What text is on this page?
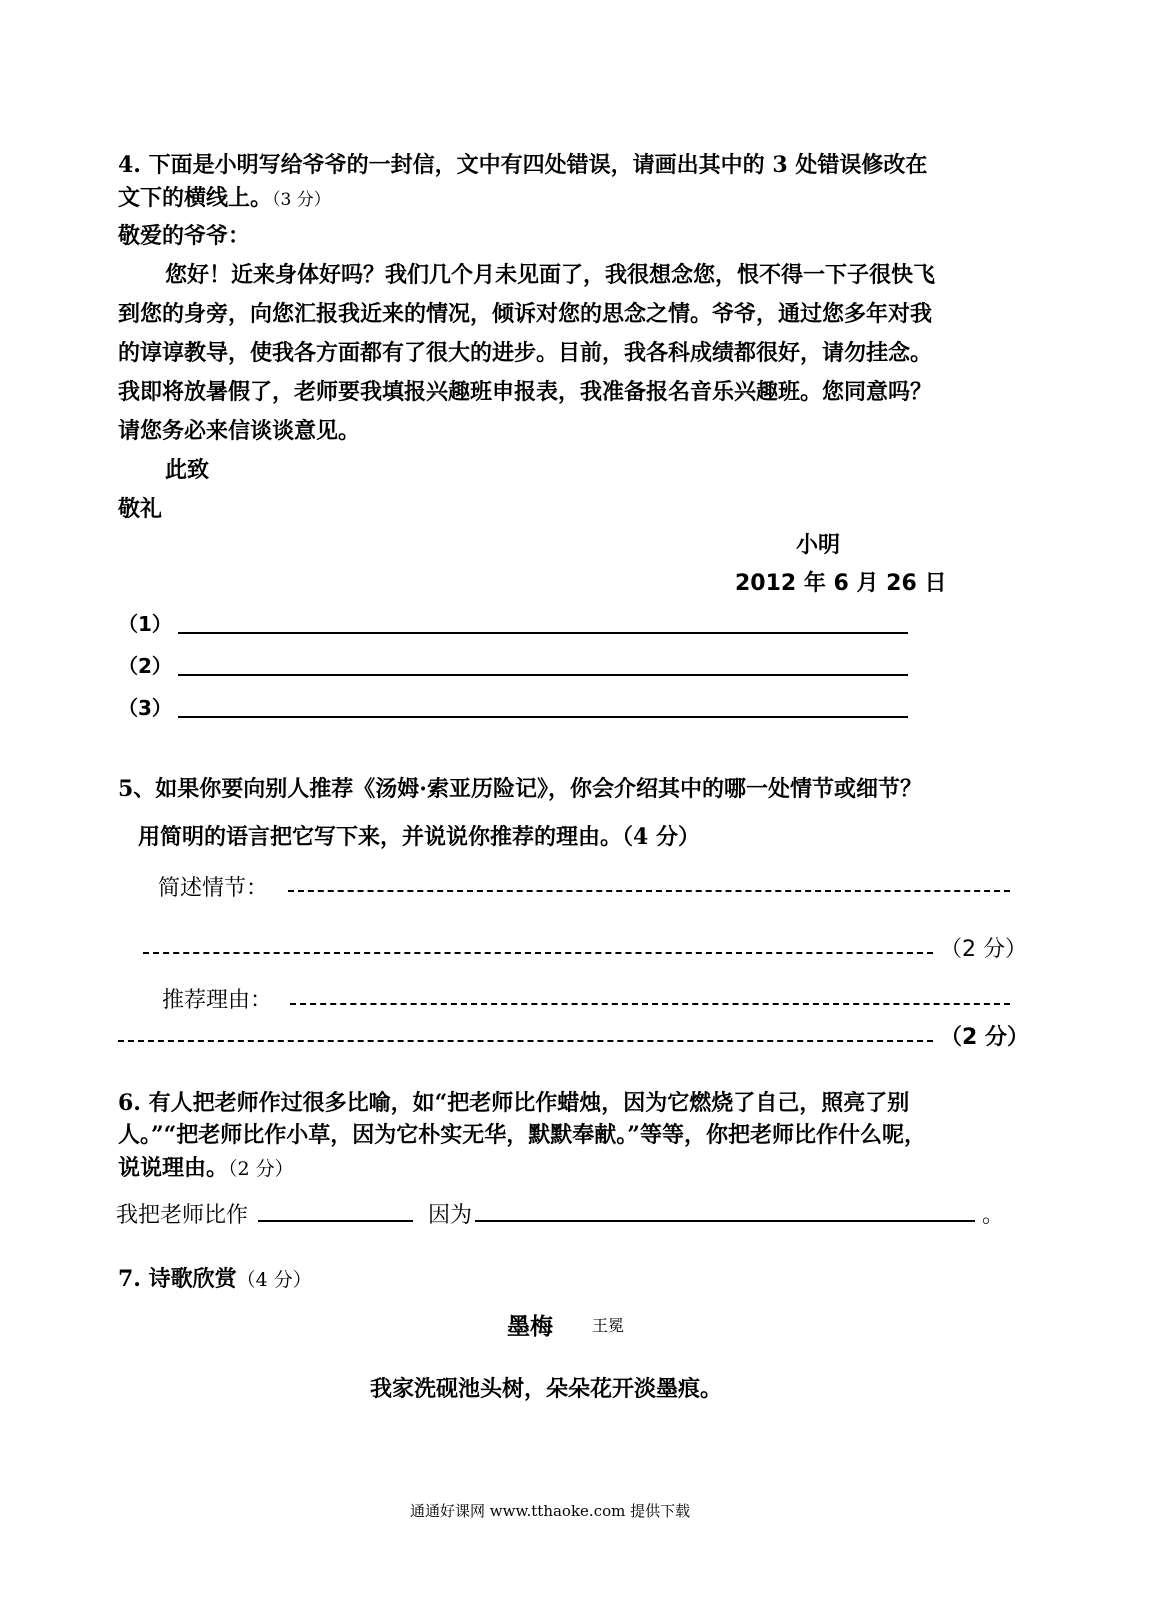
4. 下面是小明写给爷爷的一封信，文中有四处错误，请画出其中的 3 处错误修改在
文下的横线上。（3 分）
敬爱的爷爷：
您好！近来身体好吗？我们几个月未见面了，我很想念您，恨不得一下子很快飞
到您的身旁，向您汇报我近来的情况，倾诉对您的思念之情。爷爷，通过您多年对我
的谆谆教导，使我各方面都有了很大的进步。目前，我各科成绩都很好，请勿挂念。
我即将放暑假了，老师要我填报兴趣班申报表，我准备报名音乐兴趣班。您同意吗？
请您务必来信谈谈意见。
此致
敬礼
小明
2012 年 6 月 26 日
（1）
（2）
（3）
5、如果你要向别人推荐《汤姆·索亚历险记》，你会介绍其中的哪一处情节或细节？
用简明的语言把它写下来，并说说你推荐的理由。（4 分）
简述情节：
（2 分）
推荐理由：
（2 分）
6. 有人把老师作过很多比喻，如“把老师比作蜡烛，因为它燃烧了自己，照亮了别
人。”“把老师比作小草，因为它朴实无华，默默奉献。”等等，你把老师比作什么呢，
说说理由。（2 分）
我把老师比作	因为	。
7. 诗歌欣赏（4 分）
墨梅 王冕
我家洗砚池头树，朵朵花开淡墨痕。
通通好课网 www.tthaoke.com 提供下载
